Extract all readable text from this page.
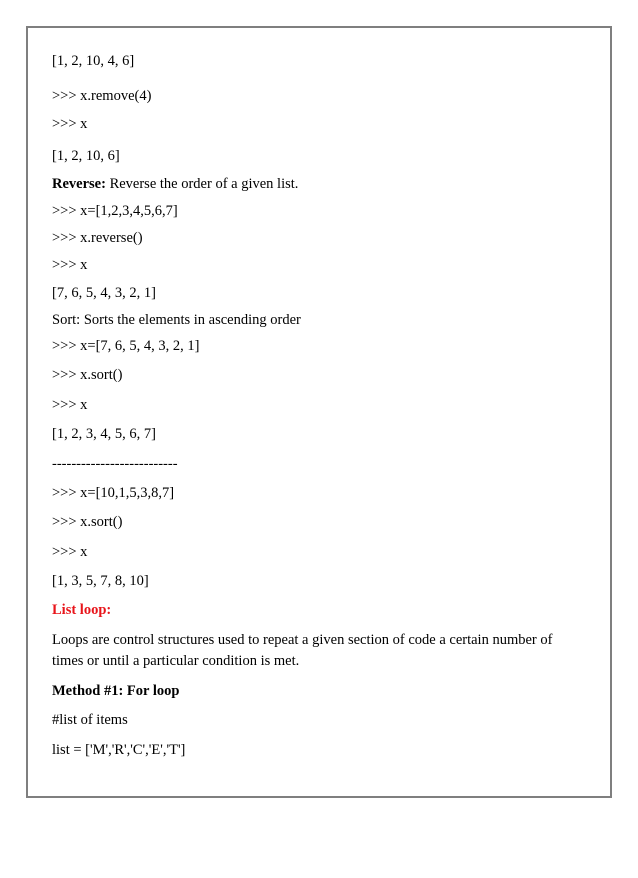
[1, 2, 10, 4, 6]
>>> x.remove(4)
>>> x
[1, 2, 10, 6]
Reverse: Reverse the order of a given list.
>>> x=[1,2,3,4,5,6,7]
>>> x.reverse()
>>> x
[7, 6, 5, 4, 3, 2, 1]
Sort: Sorts the elements in ascending order
>>> x=[7, 6, 5, 4, 3, 2, 1]
>>> x.sort()
>>> x
[1, 2, 3, 4, 5, 6, 7]
--------------------------
>>> x=[10,1,5,3,8,7]
>>> x.sort()
>>> x
[1, 3, 5, 7, 8, 10]
List loop:
Loops are control structures used to repeat a given section of code a certain number of times or until a particular condition is met.
Method #1: For loop
#list of items
list = ['M','R','C','E','T']
